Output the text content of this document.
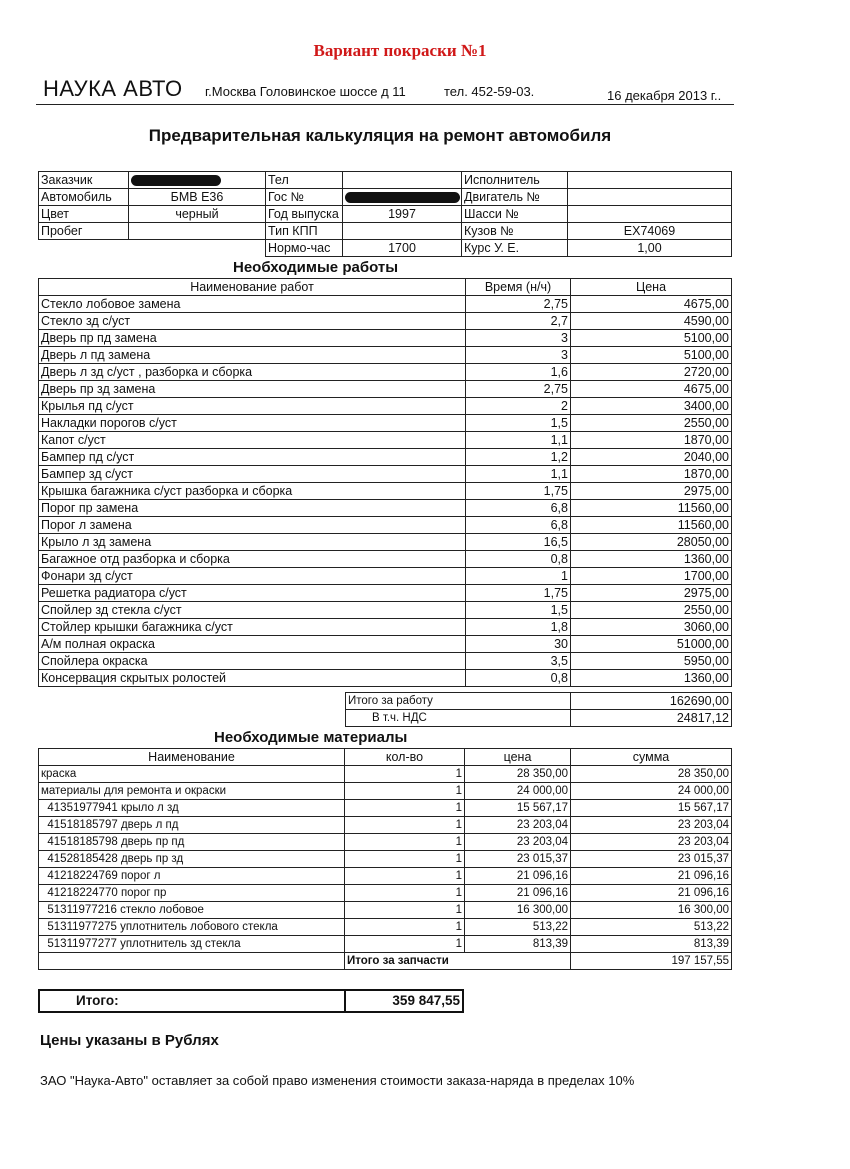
Вариант покраски №1
НАУКА АВТО г.Москва Головинское шоссе д 11	тел. 452-59-03.	16 декабря 2013 г..
Предварительная калькуляция на ремонт автомобиля
Заказчик		Тел		Исполнитель	
Автомобиль	БМВ Е36	Гос №		Двигатель №	
Цвет	черный	Год выпуска	1997	Шасси №	
Пробег		Тип КПП		Кузов №	EX74069
		Нормо-час	1700	Курс У. Е.	1,00
Необходимые работы
Наименование работ	Время (н/ч)	Цена
Стекло лобовое замена	2,75	4675,00
Стекло зд с/уст	2,7	4590,00
Дверь пр пд замена	3	5100,00
Дверь л пд замена	3	5100,00
Дверь л зд с/уст , разборка и сборка	1,6	2720,00
Дверь пр зд замена	2,75	4675,00
Крылья пд с/уст	2	3400,00
Накладки порогов с/уст	1,5	2550,00
Капот с/уст	1,1	1870,00
Бампер пд с/уст	1,2	2040,00
Бампер зд с/уст	1,1	1870,00
Крышка багажника с/уст разборка и сборка	1,75	2975,00
Порог пр замена	6,8	11560,00
Порог л замена	6,8	11560,00
Крыло л зд замена	16,5	28050,00
Багажное отд разборка и сборка	0,8	1360,00
Фонари зд с/уст	1	1700,00
Решетка радиатора с/уст	1,75	2975,00
Спойлер зд стекла с/уст	1,5	2550,00
Стойлер крышки багажника с/уст	1,8	3060,00
А/м полная окраска	30	51000,00
Спойлера окраска	3,5	5950,00
Консервация скрытых ролостей	0,8	1360,00
Итого за работу	162690,00
В т.ч. НДС	24817,12
Необходимые материалы
Наименование	кол-во	цена	сумма
краска	1	28 350,00	28 350,00
материалы для ремонта и окраски	1	24 000,00	24 000,00
41351977941 крыло л зд	1	15 567,17	15 567,17
41518185797 дверь л пд	1	23 203,04	23 203,04
41518185798 дверь пр пд	1	23 203,04	23 203,04
41528185428 дверь пр зд	1	23 015,37	23 015,37
41218224769 порог л	1	21 096,16	21 096,16
41218224770 порог пр	1	21 096,16	21 096,16
51311977216 стекло лобовое	1	16 300,00	16 300,00
51311977275 уплотнитель лобового стекла	1	513,22	513,22
51311977277 уплотнитель зд стекла	1	813,39	813,39
	Итого за запчасти		197 157,55
Итого:	359 847,55
Цены указаны в Рублях
ЗАО "Наука-Авто" оставляет за собой право изменения стоимости заказа-наряда в пределах 10%
